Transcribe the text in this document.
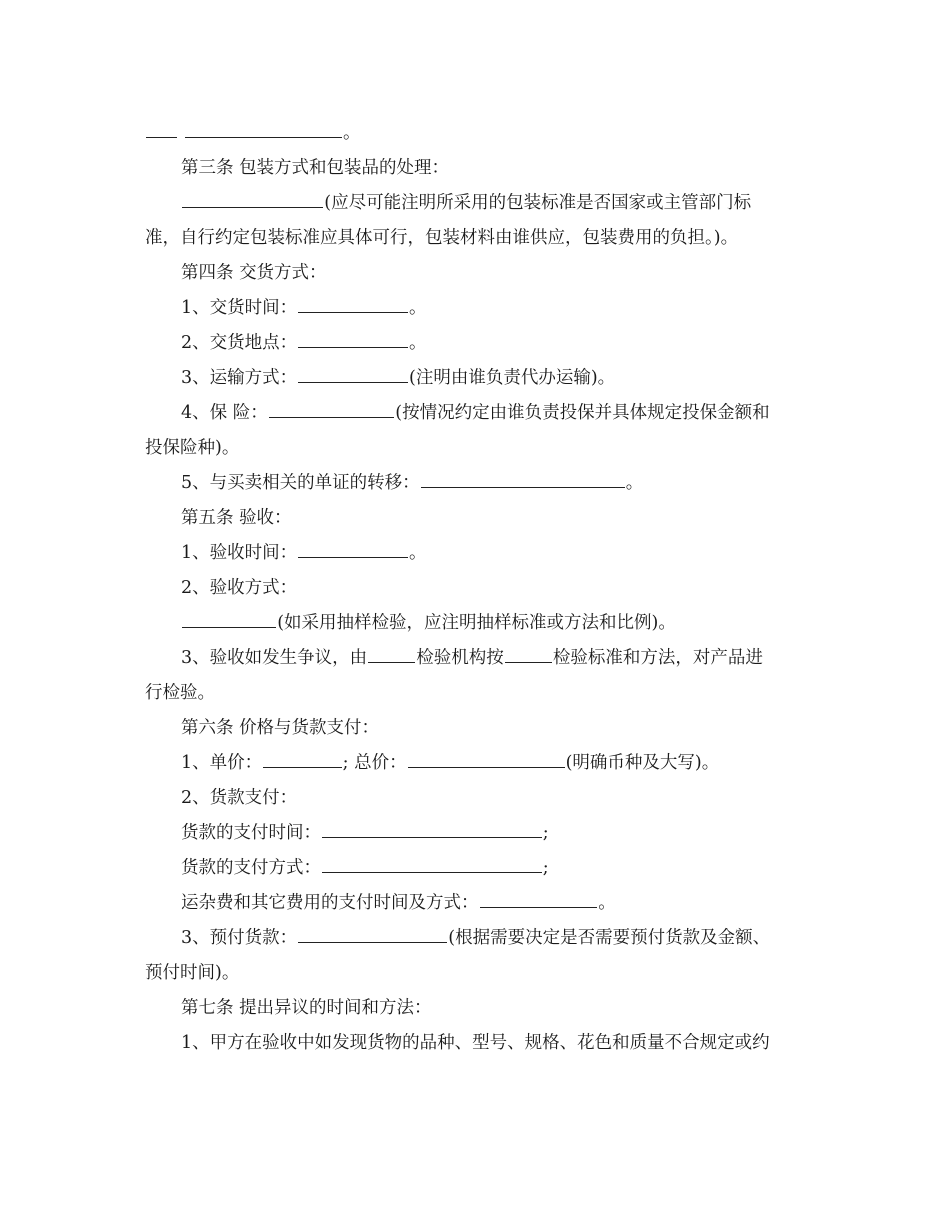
。
第三条 包装方式和包装品的处理：
(应尽可能注明所采用的包装标准是否国家或主管部门标
准，自行约定包装标准应具体可行，包装材料由谁供应，包装费用的负担。)。
第四条 交货方式：
1、交货时间：	。
2、交货地点：	。
3、运输方式：	(注明由谁负责代办运输)。
4、保 险：	(按情况约定由谁负责投保并具体规定投保金额和
投保险种)。
5、与买卖相关的单证的转移：	。
第五条 验收：
1、验收时间：	。
2、验收方式：
(如采用抽样检验，应注明抽样标准或方法和比例)。
3、验收如发生争议，由	检验机构按	检验标准和方法，对产品进
行检验。
第六条 价格与货款支付：
1、单价：	; 总价：	(明确币种及大写)。
2、货款支付：
货款的支付时间：	;
货款的支付方式：	;
运杂费和其它费用的支付时间及方式：	。
3、预付货款：	(根据需要决定是否需要预付货款及金额、
预付时间)。
第七条 提出异议的时间和方法：
1、甲方在验收中如发现货物的品种、型号、规格、花色和质量不合规定或约
